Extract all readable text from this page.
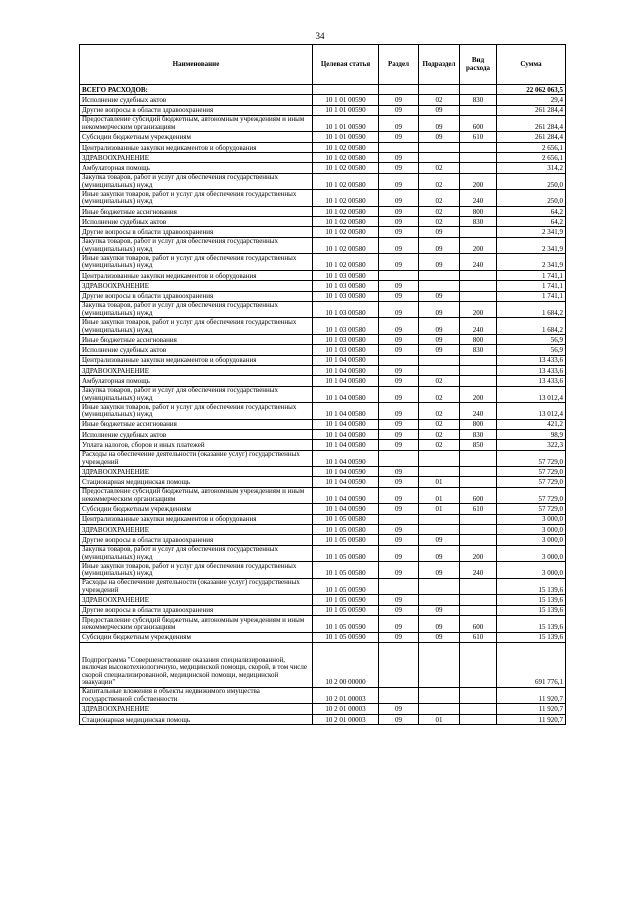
34
Наименование	Целевая статья	Раздел	Подраздел	Вид расхода	Сумма
ВСЕГО РАСХОДОВ:					22 062 063,5
Исполнение судебных актов	10 1 01 00590	09	02	830	29,4
Другие вопросы в области здравоохранения	10 1 01 00590	09	09		261 284,4
Предоставление субсидий бюджетным, автономным учреждениям и иным некоммерческим организациям	10 1 01 00590	09	09	600	261 284,4
Субсидии бюджетным учреждениям	10 1 01 00590	09	09	610	261 284,4
Централизованные закупки медикаментов и оборудования	10 1 02 00580				2 656,1
ЗДРАВООХРАНЕНИЕ	10 1 02 00580	09			2 656,1
Амбулаторная помощь	10 1 02 00580	09	02		314,2
Закупка товаров, работ и услуг для обеспечения государственных (муниципальных) нужд	10 1 02 00580	09	02	200	250,0
Иные закупки товаров, работ и услуг для обеспечения государственных (муниципальных) нужд	10 1 02 00580	09	02	240	250,0
Иные бюджетные ассигнования	10 1 02 00580	09	02	800	64,2
Исполнение судебных актов	10 1 02 00580	09	02	830	64,2
Другие вопросы в области здравоохранения	10 1 02 00580	09	09		2 341,9
Закупка товаров, работ и услуг для обеспечения государственных (муниципальных) нужд	10 1 02 00580	09	09	200	2 341,9
Иные закупки товаров, работ и услуг для обеспечения государственных (муниципальных) нужд	10 1 02 00580	09	09	240	2 341,9
Централизованные закупки медикаментов и оборудования	10 1 03 00580				1 741,1
ЗДРАВООХРАНЕНИЕ	10 1 03 00580	09			1 741,1
Другие вопросы в области здравоохранения	10 1 03 00580	09	09		1 741,1
Закупка товаров, работ и услуг для обеспечения государственных (муниципальных) нужд	10 1 03 00580	09	09	200	1 684,2
Иные закупки товаров, работ и услуг для обеспечения государственных (муниципальных) нужд	10 1 03 00580	09	09	240	1 684,2
Иные бюджетные ассигнования	10 1 03 00580	09	09	800	56,9
Исполнение судебных актов	10 1 03 00580	09	09	830	56,9
Централизованные закупки медикаментов и оборудования	10 1 04 00580				13 433,6
ЗДРАВООХРАНЕНИЕ	10 1 04 00580	09			13 433,6
Амбулаторная помощь	10 1 04 00580	09	02		13 433,6
Закупка товаров, работ и услуг для обеспечения государственных (муниципальных) нужд	10 1 04 00580	09	02	200	13 012,4
Иные закупки товаров, работ и услуг для обеспечения государственных (муниципальных) нужд	10 1 04 00580	09	02	240	13 012,4
Иные бюджетные ассигнования	10 1 04 00580	09	02	800	421,2
Исполнение судебных актов	10 1 04 00580	09	02	830	98,9
Уплата налогов, сборов и иных платежей	10 1 04 00580	09	02	850	322,3
Расходы на обеспечение деятельности (оказание услуг) государственных учреждений	10 1 04 00590				57 729,0
ЗДРАВООХРАНЕНИЕ	10 1 04 00590	09			57 729,0
Стационарная медицинская помощь	10 1 04 00590	09	01		57 729,0
Предоставление субсидий бюджетным, автономным учреждениям и иным некоммерческим организациям	10 1 04 00590	09	01	600	57 729,0
Субсидии бюджетным учреждениям	10 1 04 00590	09	01	610	57 729,0
Централизованные закупки медикаментов и оборудования	10 1 05 00580				3 000,0
ЗДРАВООХРАНЕНИЕ	10 1 05 00580	09			3 000,0
Другие вопросы в области здравоохранения	10 1 05 00580	09	09		3 000,0
Закупка товаров, работ и услуг для обеспечения государственных (муниципальных) нужд	10 1 05 00580	09	09	200	3 000,0
Иные закупки товаров, работ и услуг для обеспечения государственных (муниципальных) нужд	10 1 05 00580	09	09	240	3 000,0
Расходы на обеспечение деятельности (оказание услуг) государственных учреждений	10 1 05 00590				15 139,6
ЗДРАВООХРАНЕНИЕ	10 1 05 00590	09			15 139,6
Другие вопросы в области здравоохранения	10 1 05 00590	09	09		15 139,6
Предоставление субсидий бюджетным, автономным учреждениям и иным некоммерческим организациям	10 1 05 00590	09	09	600	15 139,6
Субсидии бюджетным учреждениям	10 1 05 00590	09	09	610	15 139,6
Подпрограмма "Совершенствование оказания специализированной, включая высокотехнологичную, медицинской помощи, скорой, в том числе скорой специализированной, медицинской помощи, медицинской эвакуации"	10 2 00 00000				691 776,1
Капитальные вложения в объекты недвижимого имущества государственной собственности	10 2 01 00003				11 920,7
ЗДРАВООХРАНЕНИЕ	10 2 01 00003	09			11 920,7
Стационарная медицинская помощь	10 2 01 00003	09	01		11 920,7
